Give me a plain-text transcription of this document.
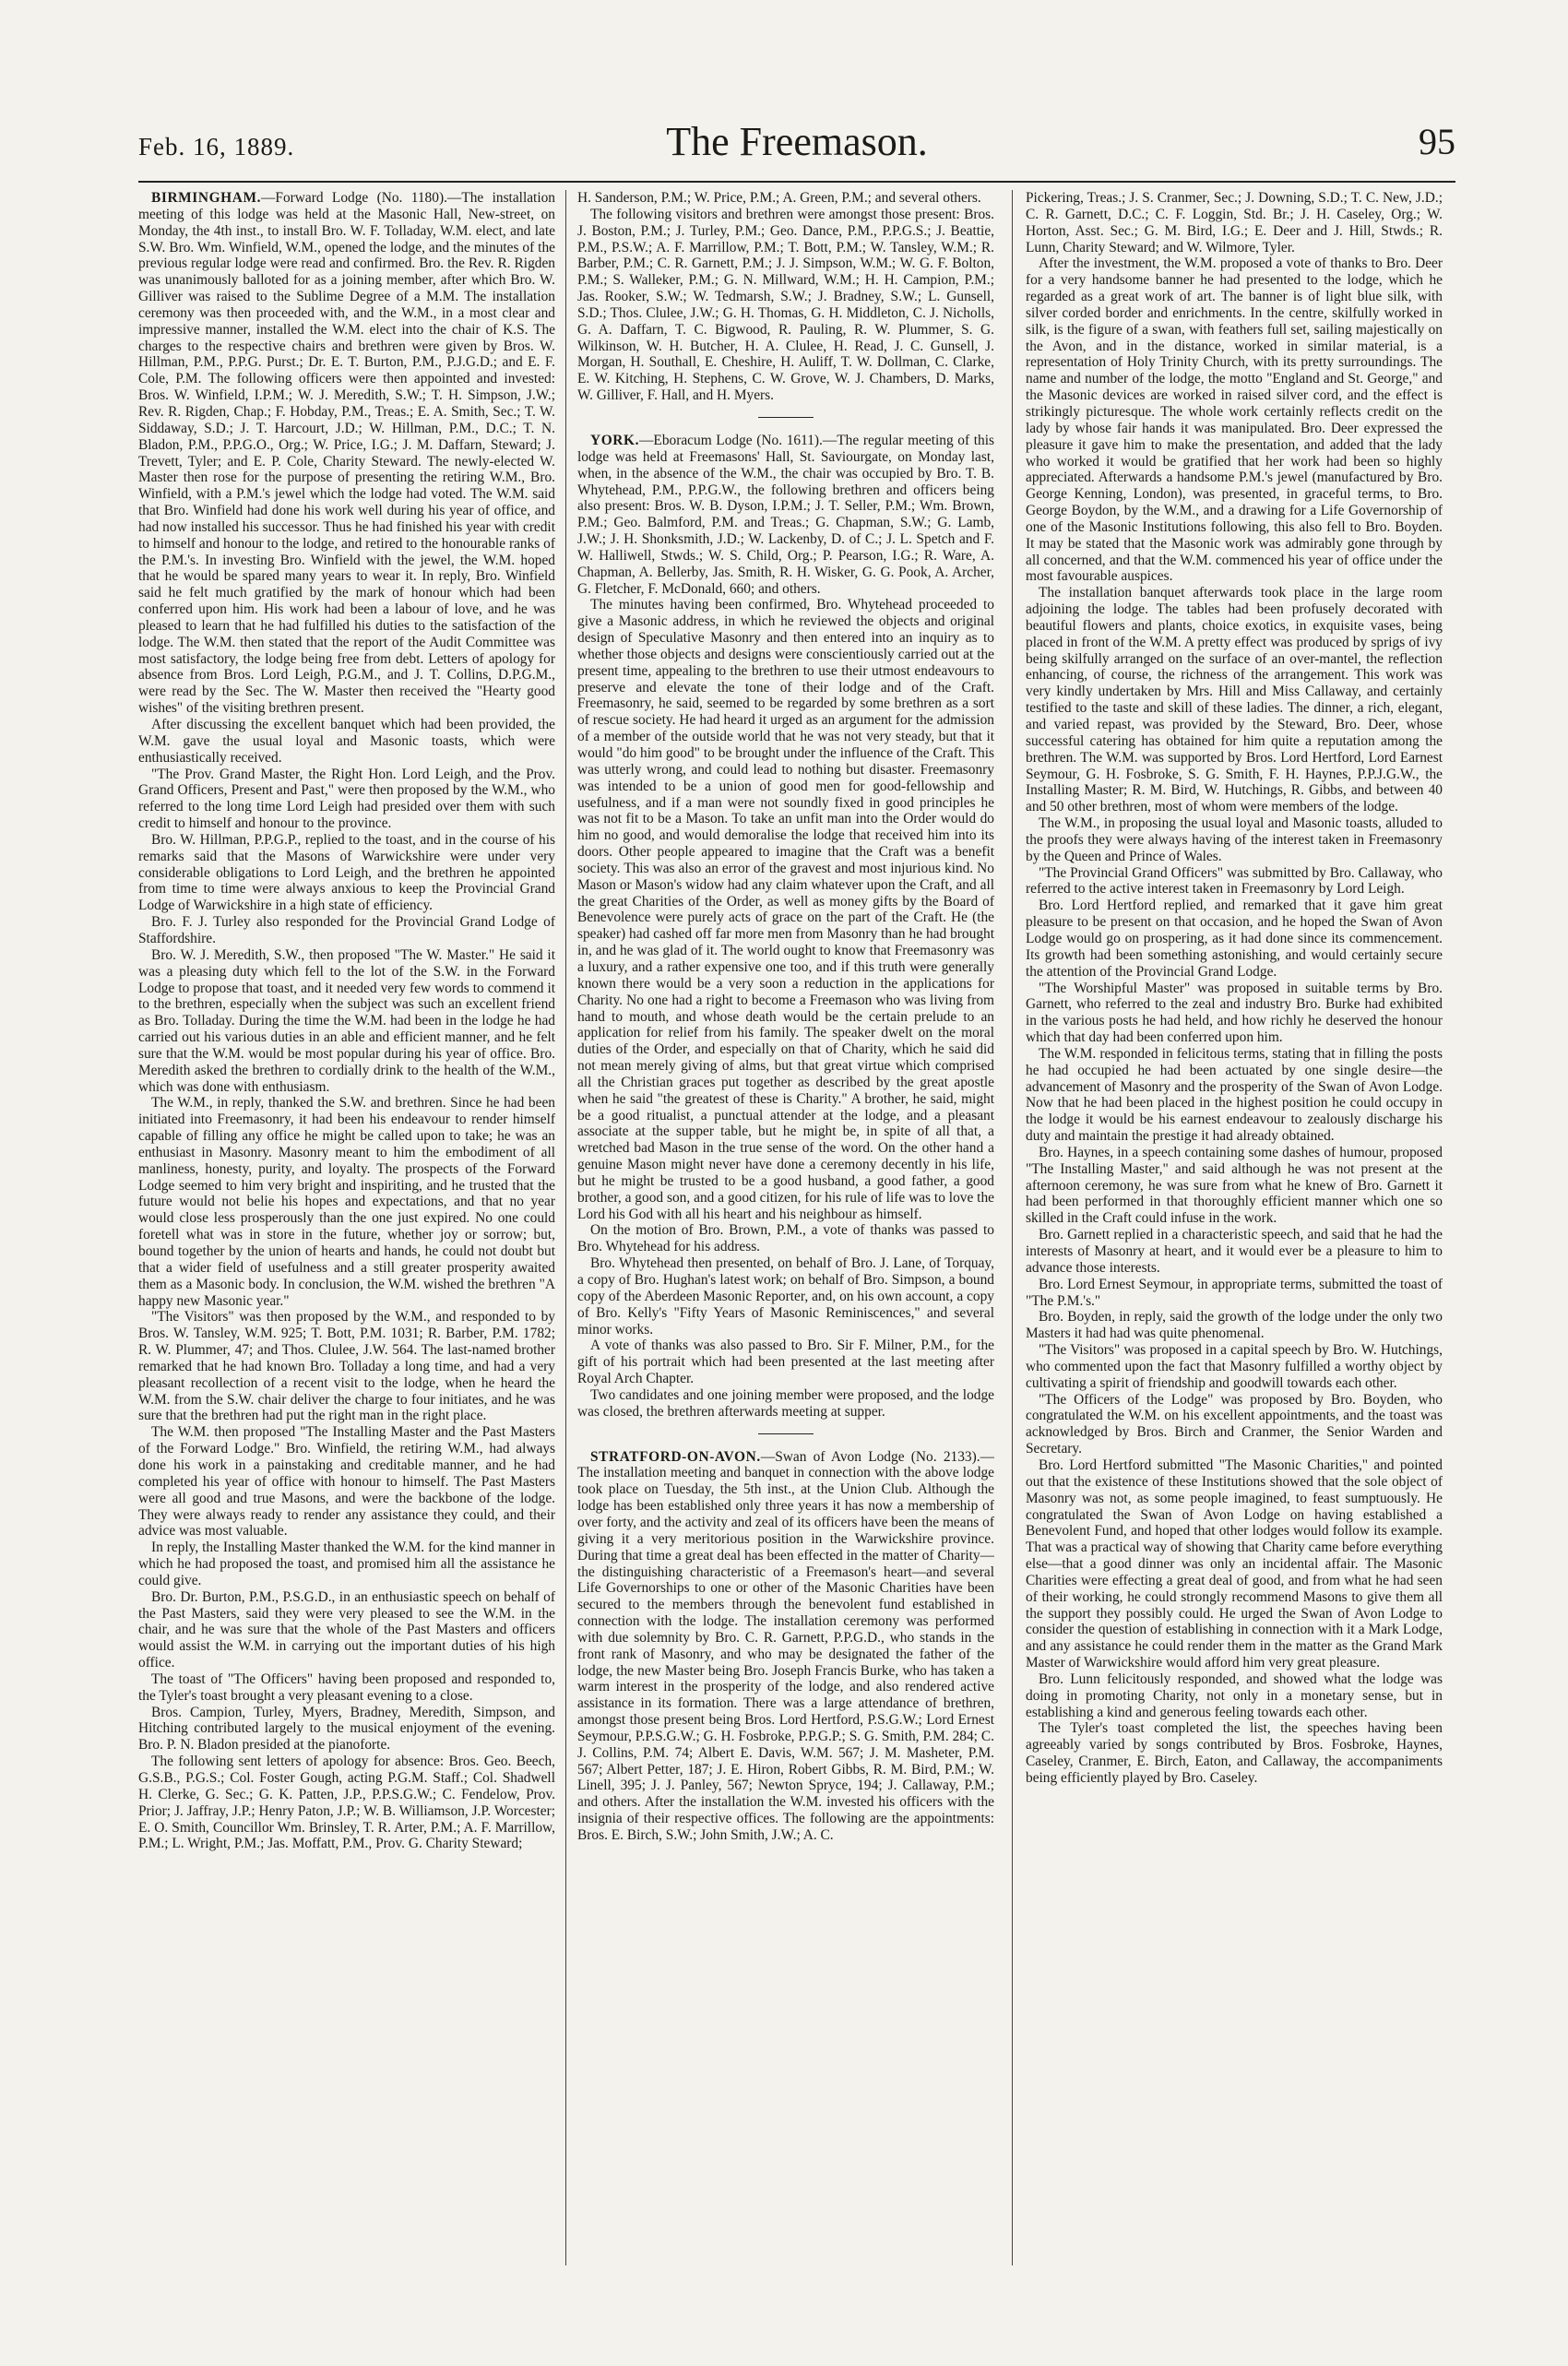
Feb. 16, 1889.	The Freemason.	95

BIRMINGHAM.—Forward Lodge (No. 1180).—The installation meeting of this lodge was held at the Masonic Hall, New-street, on Monday, the 4th inst., to install Bro. W. F. Tolladay, W.M. elect, and late S.W. Bro. Wm. Winfield, W.M., opened the lodge, and the minutes of the previous regular lodge were read and confirmed. Bro. the Rev. R. Rigden was unanimously balloted for as a joining member, after which Bro. W. Gilliver was raised to the Sublime Degree of a M.M. The installation ceremony was then proceeded with, and the W.M., in a most clear and impressive manner, installed the W.M. elect into the chair of K.S. The charges to the respective chairs and brethren were given by Bros. W. Hillman, P.M., P.P.G. Purst.; Dr. E. T. Burton, P.M., P.J.G.D.; and E. F. Cole, P.M. The following officers were then appointed and invested: Bros. W. Winfield, I.P.M.; W. J. Meredith, S.W.; T. H. Simpson, J.W.; Rev. R. Rigden, Chap.; F. Hobday, P.M., Treas.; E. A. Smith, Sec.; T. W. Siddaway, S.D.; J. T. Harcourt, J.D.; W. Hillman, P.M., D.C.; T. N. Bladon, P.M., P.P.G.O., Org.; W. Price, I.G.; J. M. Daffarn, Steward; J. Trevett, Tyler; and E. P. Cole, Charity Steward. The newly-elected W. Master then rose for the purpose of presenting the retiring W.M., Bro. Winfield, with a P.M.'s jewel which the lodge had voted. The W.M. said that Bro. Winfield had done his work well during his year of office, and had now installed his successor. Thus he had finished his year with credit to himself and honour to the lodge, and retired to the honourable ranks of the P.M.'s. In investing Bro. Winfield with the jewel, the W.M. hoped that he would be spared many years to wear it. In reply, Bro. Winfield said he felt much gratified by the mark of honour which had been conferred upon him. His work had been a labour of love, and he was pleased to learn that he had fulfilled his duties to the satisfaction of the lodge. The W.M. then stated that the report of the Audit Committee was most satisfactory, the lodge being free from debt. Letters of apology for absence from Bros. Lord Leigh, P.G.M., and J. T. Collins, D.P.G.M., were read by the Sec. The W. Master then received the "Hearty good wishes" of the visiting brethren present.

After discussing the excellent banquet which had been provided, the W.M. gave the usual loyal and Masonic toasts, which were enthusiastically received.

"The Prov. Grand Master, the Right Hon. Lord Leigh, and the Prov. Grand Officers, Present and Past," were then proposed by the W.M., who referred to the long time Lord Leigh had presided over them with such credit to himself and honour to the province.

Bro. W. Hillman, P.P.G.P., replied to the toast, and in the course of his remarks said that the Masons of Warwickshire were under very considerable obligations to Lord Leigh, and the brethren he appointed from time to time were always anxious to keep the Provincial Grand Lodge of Warwickshire in a high state of efficiency.

Bro. F. J. Turley also responded for the Provincial Grand Lodge of Staffordshire.

Bro. W. J. Meredith, S.W., then proposed "The W. Master." He said it was a pleasing duty which fell to the lot of the S.W. in the Forward Lodge to propose that toast, and it needed very few words to commend it to the brethren, especially when the subject was such an excellent friend as Bro. Tolladay. During the time the W.M. had been in the lodge he had carried out his various duties in an able and efficient manner, and he felt sure that the W.M. would be most popular during his year of office. Bro. Meredith asked the brethren to cordially drink to the health of the W.M., which was done with enthusiasm.

The W.M., in reply, thanked the S.W. and brethren. Since he had been initiated into Freemasonry, it had been his endeavour to render himself capable of filling any office he might be called upon to take; he was an enthusiast in Masonry. Masonry meant to him the embodiment of all manliness, honesty, purity, and loyalty. The prospects of the Forward Lodge seemed to him very bright and inspiriting, and he trusted that the future would not belie his hopes and expectations, and that no year would close less prosperously than the one just expired. No one could foretell what was in store in the future, whether joy or sorrow; but, bound together by the union of hearts and hands, he could not doubt but that a wider field of usefulness and a still greater prosperity awaited them as a Masonic body. In conclusion, the W.M. wished the brethren "A happy new Masonic year."

"The Visitors" was then proposed by the W.M., and responded to by Bros. W. Tansley, W.M. 925; T. Bott, P.M. 1031; R. Barber, P.M. 1782; R. W. Plummer, 47; and Thos. Clulee, J.W. 564. The last-named brother remarked that he had known Bro. Tolladay a long time, and had a very pleasant recollection of a recent visit to the lodge, when he heard the W.M. from the S.W. chair deliver the charge to four initiates, and he was sure that the brethren had put the right man in the right place.

The W.M. then proposed "The Installing Master and the Past Masters of the Forward Lodge." Bro. Winfield, the retiring W.M., had always done his work in a painstaking and creditable manner, and he had completed his year of office with honour to himself. The Past Masters were all good and true Masons, and were the backbone of the lodge. They were always ready to render any assistance they could, and their advice was most valuable.

In reply, the Installing Master thanked the W.M. for the kind manner in which he had proposed the toast, and promised him all the assistance he could give.

Bro. Dr. Burton, P.M., P.S.G.D., in an enthusiastic speech on behalf of the Past Masters, said they were very pleased to see the W.M. in the chair, and he was sure that the whole of the Past Masters and officers would assist the W.M. in carrying out the important duties of his high office.

The toast of "The Officers" having been proposed and responded to, the Tyler's toast brought a very pleasant evening to a close.

Bros. Campion, Turley, Myers, Bradney, Meredith, Simpson, and Hitching contributed largely to the musical enjoyment of the evening. Bro. P. N. Bladon presided at the pianoforte.

The following sent letters of apology for absence: Bros. Geo. Beech, G.S.B., P.G.S.; Col. Foster Gough, acting P.G.M. Staff.; Col. Shadwell H. Clerke, G. Sec.; G. K. Patten, J.P., P.P.S.G.W.; C. Fendelow, Prov. Prior; J. Jaffray, J.P.; Henry Paton, J.P.; W. B. Williamson, J.P. Worcester; E. O. Smith, Councillor Wm. Brinsley, T. R. Arter, P.M.; A. F. Marrillow, P.M.; L. Wright, P.M.; Jas. Moffatt, P.M., Prov. G. Charity Steward;

H. Sanderson, P.M.; W. Price, P.M.; A. Green, P.M.; and several others.

The following visitors and brethren were amongst those present: Bros. J. Boston, P.M.; J. Turley, P.M.; Geo. Dance, P.M., P.P.G.S.; J. Beattie, P.M., P.S.W.; A. F. Marrillow, P.M.; T. Bott, P.M.; W. Tansley, W.M.; R. Barber, P.M.; C. R. Garnett, P.M.; J. J. Simpson, W.M.; W. G. F. Bolton, P.M.; S. Walleker, P.M.; G. N. Millward, W.M.; H. H. Campion, P.M.; Jas. Rooker, S.W.; W. Tedmarsh, S.W.; J. Bradney, S.W.; L. Gunsell, S.D.; Thos. Clulee, J.W.; G. H. Thomas, G. H. Middleton, C. J. Nicholls, G. A. Daffarn, T. C. Bigwood, R. Pauling, R. W. Plummer, S. G. Wilkinson, W. H. Butcher, H. A. Clulee, H. Read, J. C. Gunsell, J. Morgan, H. Southall, E. Cheshire, H. Auliff, T. W. Dollman, C. Clarke, E. W. Kitching, H. Stephens, C. W. Grove, W. J. Chambers, D. Marks, W. Gilliver, F. Hall, and H. Myers.

YORK.—Eboracum Lodge (No. 1611).—The regular meeting of this lodge was held at Freemasons' Hall, St. Saviourgate, on Monday last, when, in the absence of the W.M., the chair was occupied by Bro. T. B. Whytehead, P.M., P.P.G.W., the following brethren and officers being also present: Bros. W. B. Dyson, I.P.M.; J. T. Seller, P.M.; Wm. Brown, P.M.; Geo. Balmford, P.M. and Treas.; G. Chapman, S.W.; G. Lamb, J.W.; J. H. Shonksmith, J.D.; W. Lackenby, D. of C.; J. L. Spetch and F. W. Halliwell, Stwds.; W. S. Child, Org.; P. Pearson, I.G.; R. Ware, A. Chapman, A. Bellerby, Jas. Smith, R. H. Wisker, G. G. Pook, A. Archer, G. Fletcher, F. McDonald, 660; and others.

The minutes having been confirmed, Bro. Whytehead proceeded to give a Masonic address, in which he reviewed the objects and original design of Speculative Masonry and then entered into an inquiry as to whether those objects and designs were conscientiously carried out at the present time, appealing to the brethren to use their utmost endeavours to preserve and elevate the tone of their lodge and of the Craft. Freemasonry, he said, seemed to be regarded by some brethren as a sort of rescue society. He had heard it urged as an argument for the admission of a member of the outside world that he was not very steady, but that it would "do him good" to be brought under the influence of the Craft. This was utterly wrong, and could lead to nothing but disaster. Freemasonry was intended to be a union of good men for good-fellowship and usefulness, and if a man were not soundly fixed in good principles he was not fit to be a Mason. To take an unfit man into the Order would do him no good, and would demoralise the lodge that received him into its doors. Other people appeared to imagine that the Craft was a benefit society. This was also an error of the gravest and most injurious kind. No Mason or Mason's widow had any claim whatever upon the Craft, and all the great Charities of the Order, as well as money gifts by the Board of Benevolence were purely acts of grace on the part of the Craft. He (the speaker) had cashed off far more men from Masonry than he had brought in, and he was glad of it. The world ought to know that Freemasonry was a luxury, and a rather expensive one too, and if this truth were generally known there would be a very soon a reduction in the applications for Charity. No one had a right to become a Freemason who was living from hand to mouth, and whose death would be the certain prelude to an application for relief from his family. The speaker dwelt on the moral duties of the Order, and especially on that of Charity, which he said did not mean merely giving of alms, but that great virtue which comprised all the Christian graces put together as described by the great apostle when he said "the greatest of these is Charity." A brother, he said, might be a good ritualist, a punctual attender at the lodge, and a pleasant associate at the supper table, but he might be, in spite of all that, a wretched bad Mason in the true sense of the word. On the other hand a genuine Mason might never have done a ceremony decently in his life, but he might be trusted to be a good husband, a good father, a good brother, a good son, and a good citizen, for his rule of life was to love the Lord his God with all his heart and his neighbour as himself.

On the motion of Bro. Brown, P.M., a vote of thanks was passed to Bro. Whytehead for his address.

Bro. Whytehead then presented, on behalf of Bro. J. Lane, of Torquay, a copy of Bro. Hughan's latest work; on behalf of Bro. Simpson, a bound copy of the Aberdeen Masonic Reporter, and, on his own account, a copy of Bro. Kelly's "Fifty Years of Masonic Reminiscences," and several minor works.

A vote of thanks was also passed to Bro. Sir F. Milner, P.M., for the gift of his portrait which had been presented at the last meeting after Royal Arch Chapter.

Two candidates and one joining member were proposed, and the lodge was closed, the brethren afterwards meeting at supper.

STRATFORD-ON-AVON.—Swan of Avon Lodge (No. 2133).—The installation meeting and banquet in connection with the above lodge took place on Tuesday, the 5th inst., at the Union Club. Although the lodge has been established only three years it has now a membership of over forty, and the activity and zeal of its officers have been the means of giving it a very meritorious position in the Warwickshire province. During that time a great deal has been effected in the matter of Charity—the distinguishing characteristic of a Freemason's heart—and several Life Governorships to one or other of the Masonic Charities have been secured to the members through the benevolent fund established in connection with the lodge. The installation ceremony was performed with due solemnity by Bro. C. R. Garnett, P.P.G.D., who stands in the front rank of Masonry, and who may be designated the father of the lodge, the new Master being Bro. Joseph Francis Burke, who has taken a warm interest in the prosperity of the lodge, and also rendered active assistance in its formation. There was a large attendance of brethren, amongst those present being Bros. Lord Hertford, P.S.G.W.; Lord Ernest Seymour, P.P.S.G.W.; G. H. Fosbroke, P.P.G.P.; S. G. Smith, P.M. 284; C. J. Collins, P.M. 74; Albert E. Davis, W.M. 567; J. M. Masheter, P.M. 567; Albert Petter, 187; J. E. Hiron, Robert Gibbs, R. M. Bird, P.M.; W. Linell, 395; J. J. Panley, 567; Newton Spryce, 194; J. Callaway, P.M.; and others. After the installation the W.M. invested his officers with the insignia of their respective offices. The following are the appointments: Bros. E. Birch, S.W.; John Smith, J.W.; A. C.

Pickering, Treas.; J. S. Cranmer, Sec.; J. Downing, S.D.; T. C. New, J.D.; C. R. Garnett, D.C.; C. F. Loggin, Std. Br.; J. H. Caseley, Org.; W. Horton, Asst. Sec.; G. M. Bird, I.G.; E. Deer and J. Hill, Stwds.; R. Lunn, Charity Steward; and W. Wilmore, Tyler.

After the investment, the W.M. proposed a vote of thanks to Bro. Deer for a very handsome banner he had presented to the lodge, which he regarded as a great work of art. The banner is of light blue silk, with silver corded border and enrichments. In the centre, skilfully worked in silk, is the figure of a swan, with feathers full set, sailing majestically on the Avon, and in the distance, worked in similar material, is a representation of Holy Trinity Church, with its pretty surroundings. The name and number of the lodge, the motto "England and St. George," and the Masonic devices are worked in raised silver cord, and the effect is strikingly picturesque. The whole work certainly reflects credit on the lady by whose fair hands it was manipulated. Bro. Deer expressed the pleasure it gave him to make the presentation, and added that the lady who worked it would be gratified that her work had been so highly appreciated. Afterwards a handsome P.M.'s jewel (manufactured by Bro. George Kenning, London), was presented, in graceful terms, to Bro. George Boydon, by the W.M., and a drawing for a Life Governorship of one of the Masonic Institutions following, this also fell to Bro. Boyden. It may be stated that the Masonic work was admirably gone through by all concerned, and that the W.M. commenced his year of office under the most favourable auspices.

The installation banquet afterwards took place in the large room adjoining the lodge. The tables had been profusely decorated with beautiful flowers and plants, choice exotics, in exquisite vases, being placed in front of the W.M. A pretty effect was produced by sprigs of ivy being skilfully arranged on the surface of an over-mantel, the reflection enhancing, of course, the richness of the arrangement. This work was very kindly undertaken by Mrs. Hill and Miss Callaway, and certainly testified to the taste and skill of these ladies. The dinner, a rich, elegant, and varied repast, was provided by the Steward, Bro. Deer, whose successful catering has obtained for him quite a reputation among the brethren. The W.M. was supported by Bros. Lord Hertford, Lord Earnest Seymour, G. H. Fosbroke, S. G. Smith, F. H. Haynes, P.P.J.G.W., the Installing Master; R. M. Bird, W. Hutchings, R. Gibbs, and between 40 and 50 other brethren, most of whom were members of the lodge.

The W.M., in proposing the usual loyal and Masonic toasts, alluded to the proofs they were always having of the interest taken in Freemasonry by the Queen and Prince of Wales.

"The Provincial Grand Officers" was submitted by Bro. Callaway, who referred to the active interest taken in Freemasonry by Lord Leigh.

Bro. Lord Hertford replied, and remarked that it gave him great pleasure to be present on that occasion, and he hoped the Swan of Avon Lodge would go on prospering, as it had done since its commencement. Its growth had been something astonishing, and would certainly secure the attention of the Provincial Grand Lodge.

"The Worshipful Master" was proposed in suitable terms by Bro. Garnett, who referred to the zeal and industry Bro. Burke had exhibited in the various posts he had held, and how richly he deserved the honour which that day had been conferred upon him.

The W.M. responded in felicitous terms, stating that in filling the posts he had occupied he had been actuated by one single desire—the advancement of Masonry and the prosperity of the Swan of Avon Lodge. Now that he had been placed in the highest position he could occupy in the lodge it would be his earnest endeavour to zealously discharge his duty and maintain the prestige it had already obtained.

Bro. Haynes, in a speech containing some dashes of humour, proposed "The Installing Master," and said although he was not present at the afternoon ceremony, he was sure from what he knew of Bro. Garnett it had been performed in that thoroughly efficient manner which one so skilled in the Craft could infuse in the work.

Bro. Garnett replied in a characteristic speech, and said that he had the interests of Masonry at heart, and it would ever be a pleasure to him to advance those interests.

Bro. Lord Ernest Seymour, in appropriate terms, submitted the toast of "The P.M.'s."

Bro. Boyden, in reply, said the growth of the lodge under the only two Masters it had had was quite phenomenal.

"The Visitors" was proposed in a capital speech by Bro. W. Hutchings, who commented upon the fact that Masonry fulfilled a worthy object by cultivating a spirit of friendship and goodwill towards each other.

"The Officers of the Lodge" was proposed by Bro. Boyden, who congratulated the W.M. on his excellent appointments, and the toast was acknowledged by Bros. Birch and Cranmer, the Senior Warden and Secretary.

Bro. Lord Hertford submitted "The Masonic Charities," and pointed out that the existence of these Institutions showed that the sole object of Masonry was not, as some people imagined, to feast sumptuously. He congratulated the Swan of Avon Lodge on having established a Benevolent Fund, and hoped that other lodges would follow its example. That was a practical way of showing that Charity came before everything else—that a good dinner was only an incidental affair. The Masonic Charities were effecting a great deal of good, and from what he had seen of their working, he could strongly recommend Masons to give them all the support they possibly could. He urged the Swan of Avon Lodge to consider the question of establishing in connection with it a Mark Lodge, and any assistance he could render them in the matter as the Grand Mark Master of Warwickshire would afford him very great pleasure.

Bro. Lunn felicitously responded, and showed what the lodge was doing in promoting Charity, not only in a monetary sense, but in establishing a kind and generous feeling towards each other.

The Tyler's toast completed the list, the speeches having been agreeably varied by songs contributed by Bros. Fosbroke, Haynes, Caseley, Cranmer, E. Birch, Eaton, and Callaway, the accompaniments being efficiently played by Bro. Caseley.
